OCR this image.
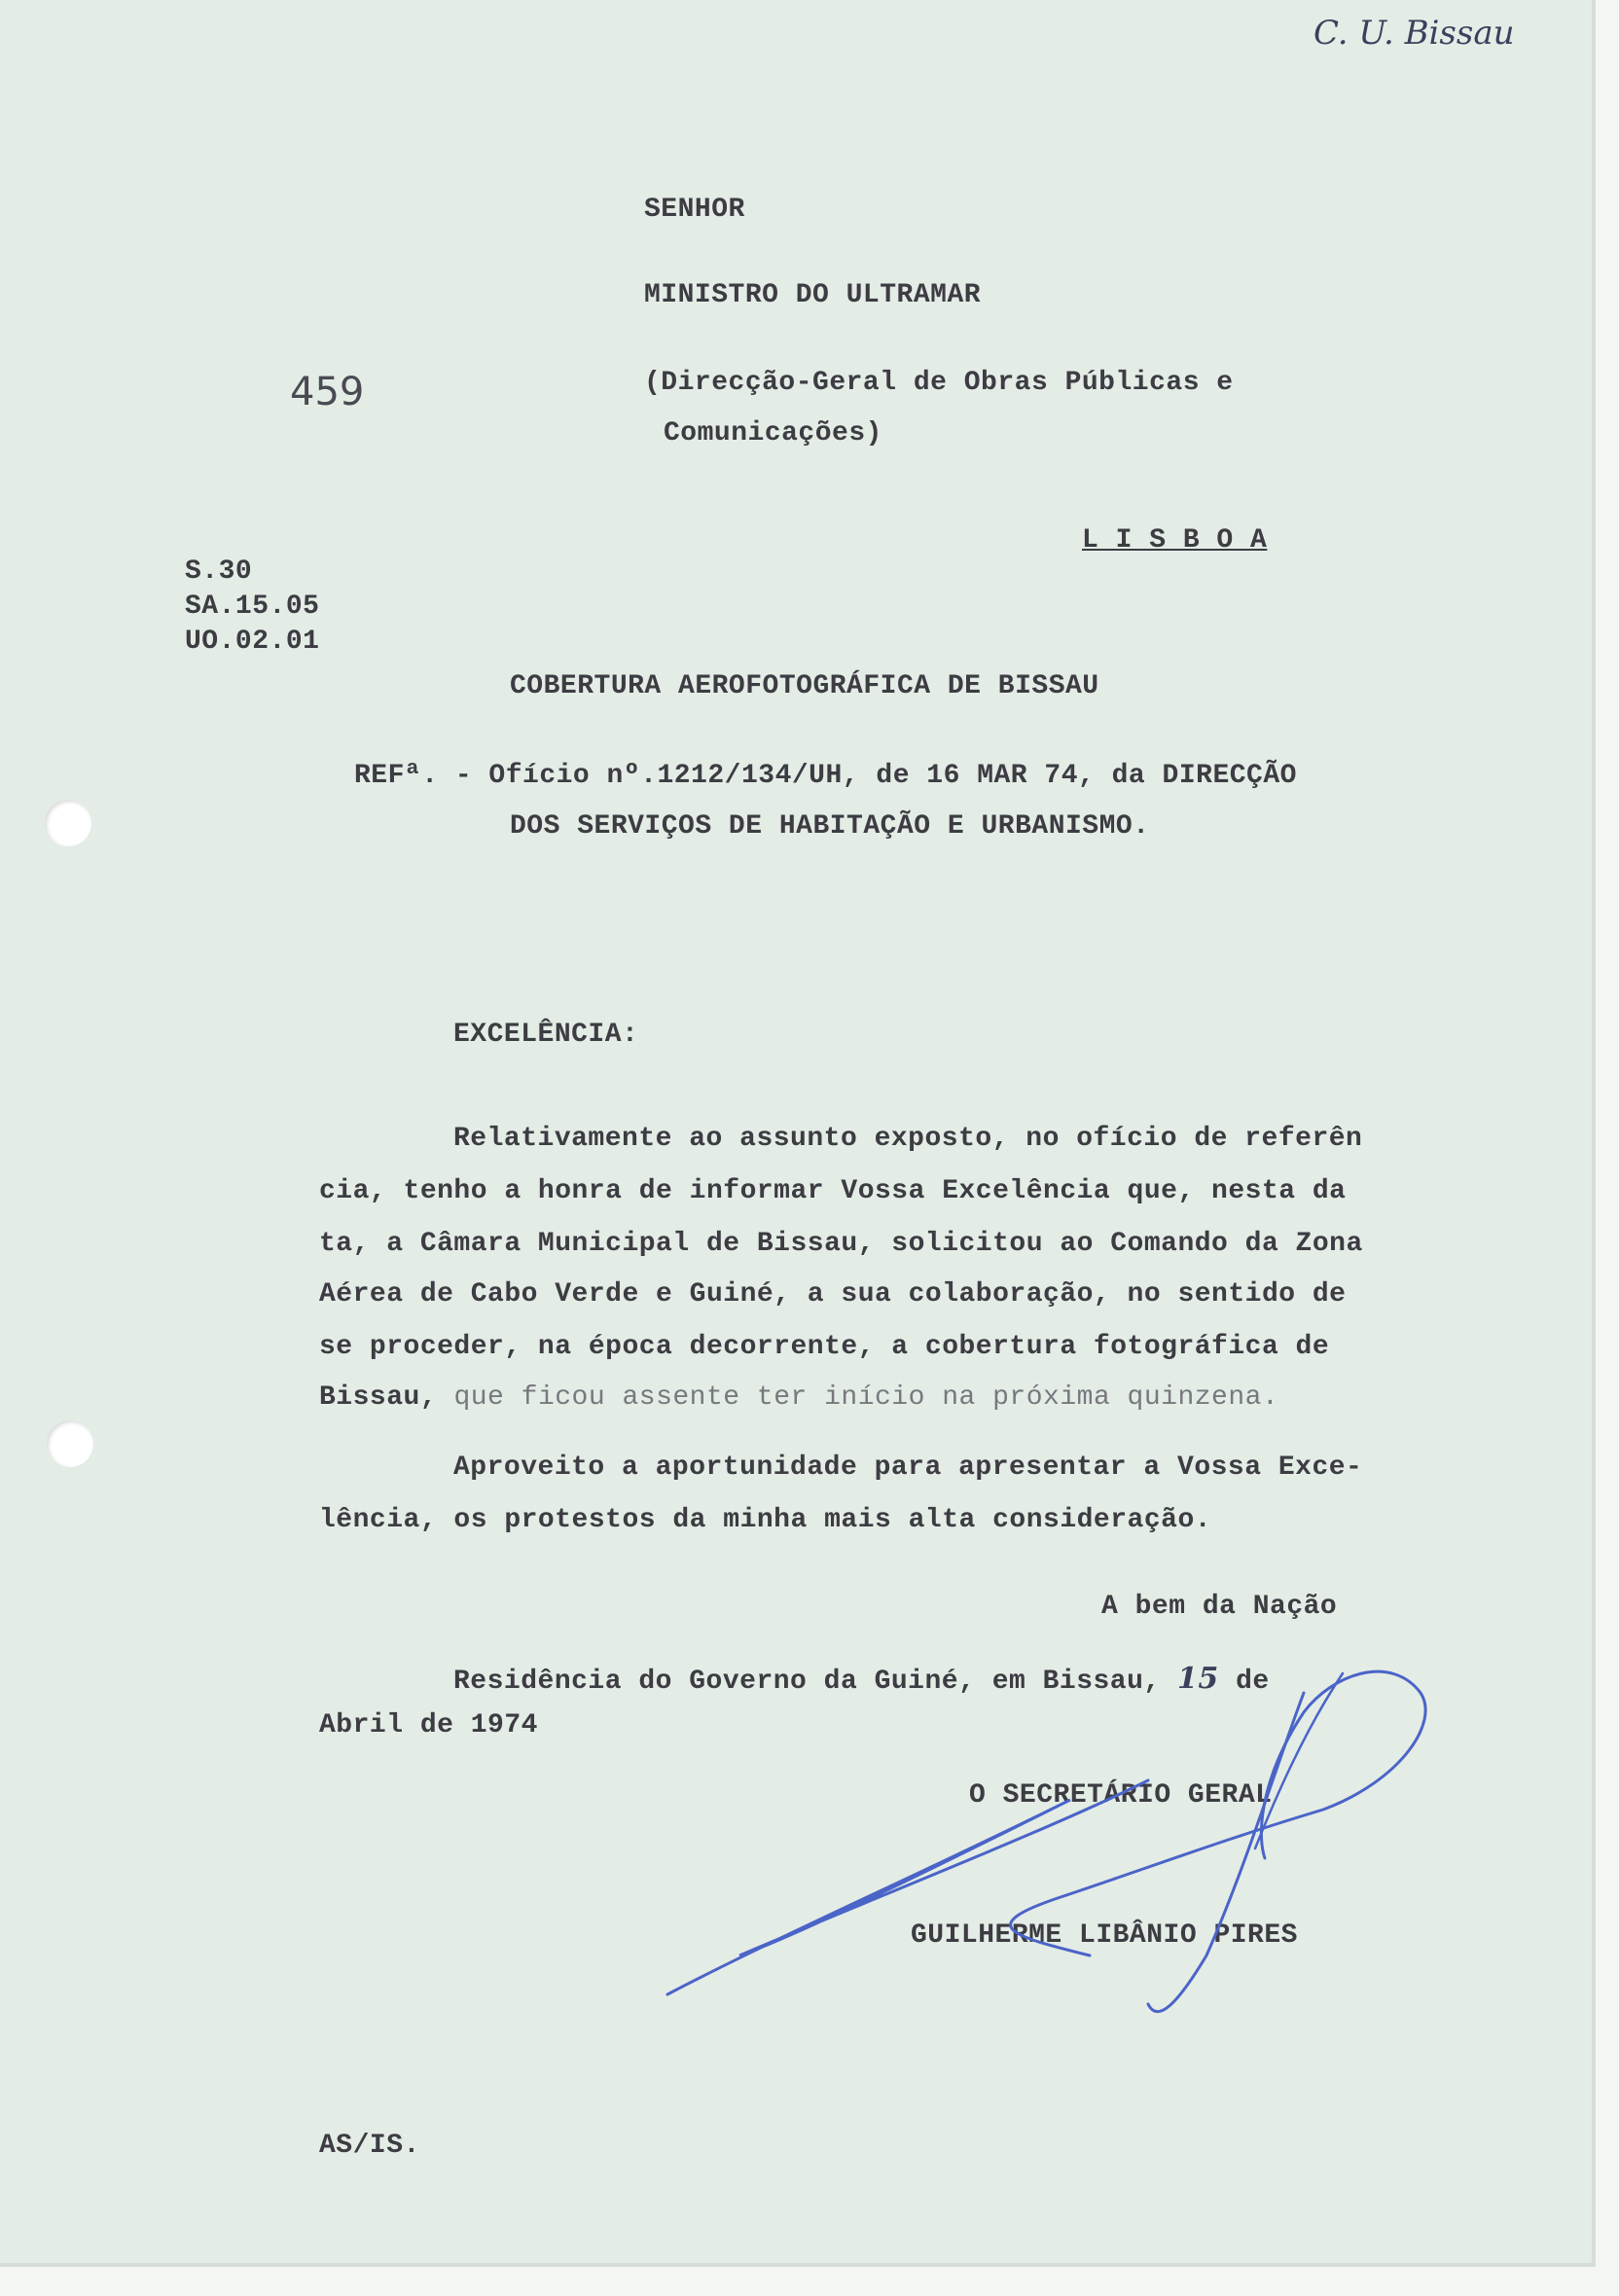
C. U. Bissau
459
SENHOR
MINISTRO DO ULTRAMAR
(Direcção-Geral de Obras Públicas e
Comunicações)
L I S B O A
S.30
SA.15.05
UO.02.01
COBERTURA AEROFOTOGRÁFICA DE BISSAU
REFª. - Ofício nº.1212/134/UH, de 16 MAR 74, da DIRECÇÃO
DOS SERVIÇOS DE HABITAÇÃO E URBANISMO.
EXCELÊNCIA:
Relativamente ao assunto exposto, no ofício de referên
cia, tenho a honra de informar Vossa Excelência que, nesta da
ta, a Câmara Municipal de Bissau, solicitou ao Comando da Zona
Aérea de Cabo Verde e Guiné, a sua colaboração, no sentido de
se proceder, na época decorrente, a cobertura fotográfica de
Bissau, que ficou assente ter início na próxima quinzena.
Aproveito a aportunidade para apresentar a Vossa Exce-
lência, os protestos da minha mais alta consideração.
A bem da Nação
Residência do Governo da Guiné, em Bissau, 15 de
Abril de 1974
O SECRETÁRIO GERAL
GUILHERME LIBÂNIO PIRES
AS/IS.
